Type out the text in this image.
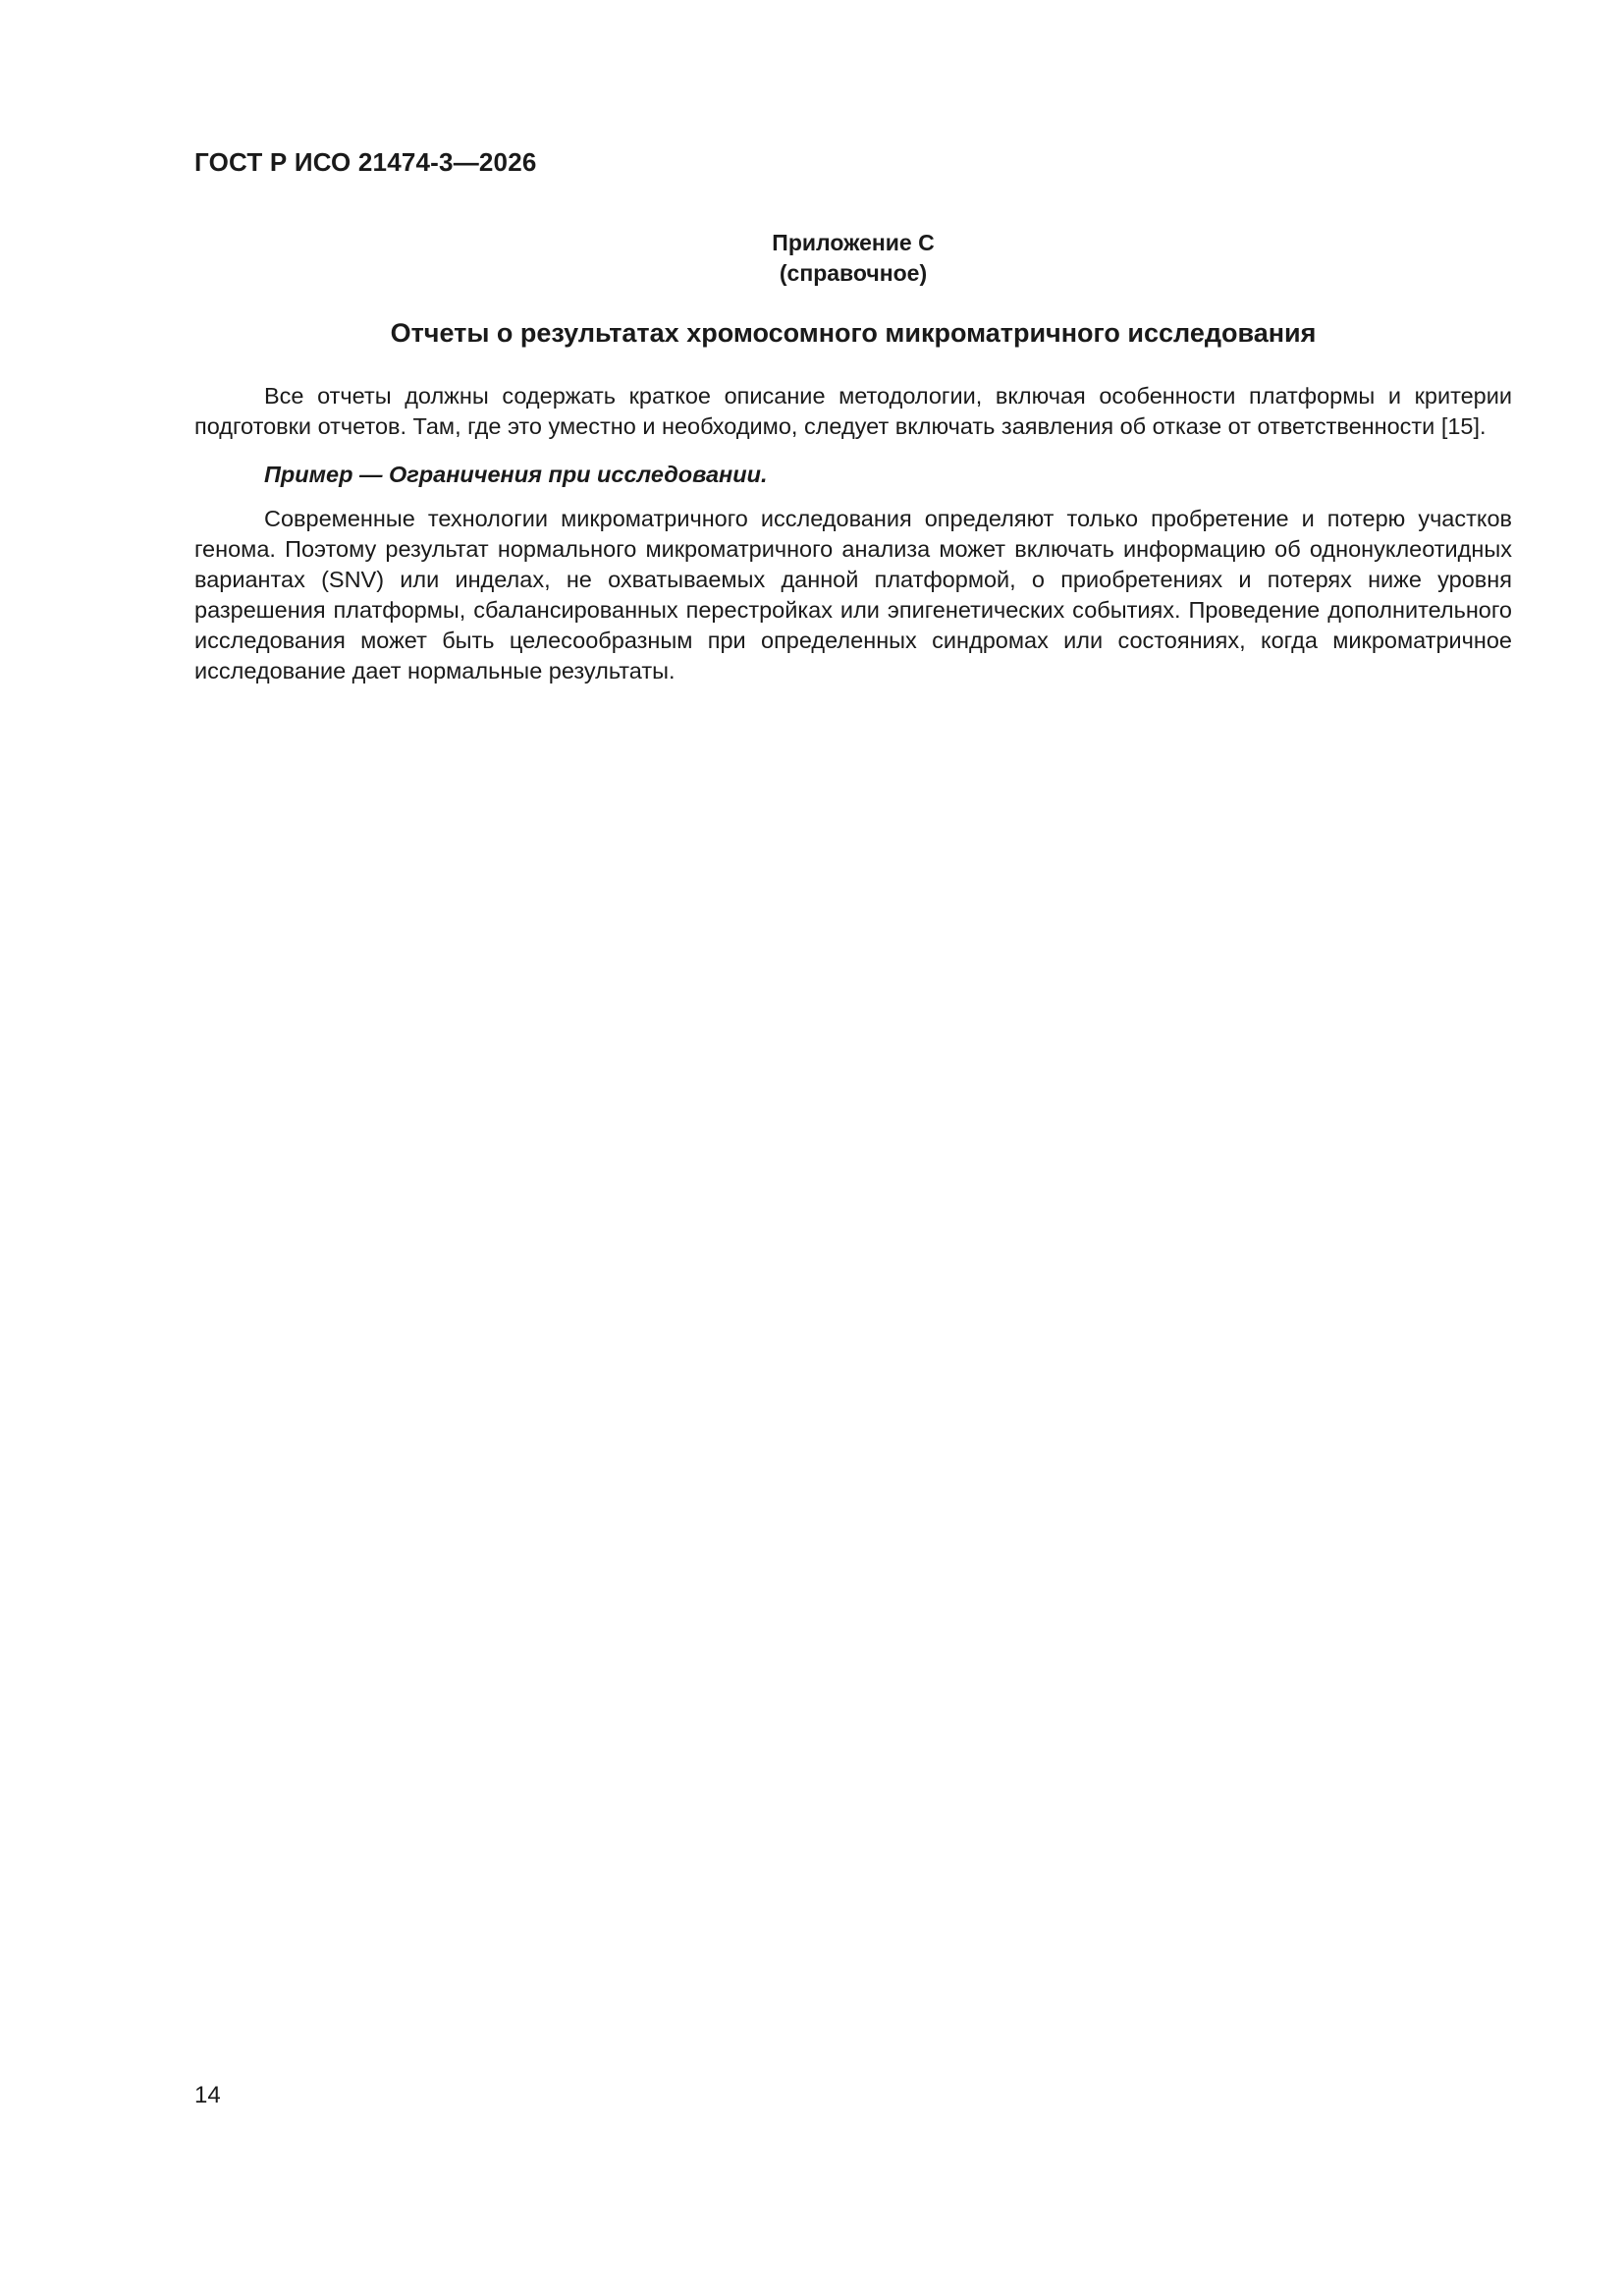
ГОСТ Р ИСО 21474-3—2026
Приложение С
(справочное)
Отчеты о результатах хромосомного микроматричного исследования

Все отчеты должны содержать краткое описание методологии, включая особенности платформы и критерии подготовки отчетов. Там, где это уместно и необходимо, следует включать заявления об отказе от ответственности [15].

Пример — Ограничения при исследовании.

Современные технологии микроматричного исследования определяют только пробретение и потерю участков генома. Поэтому результат нормального микроматричного анализа может включать информацию об однонуклеотидных вариантах (SNV) или инделах, не охватываемых данной платформой, о приобретениях и потерях ниже уровня разрешения платформы, сбалансированных перестройках или эпигенетических событиях. Проведение дополнительного исследования может быть целесообразным при определенных синдромах или состояниях, когда микроматричное исследование дает нормальные результаты.

14
